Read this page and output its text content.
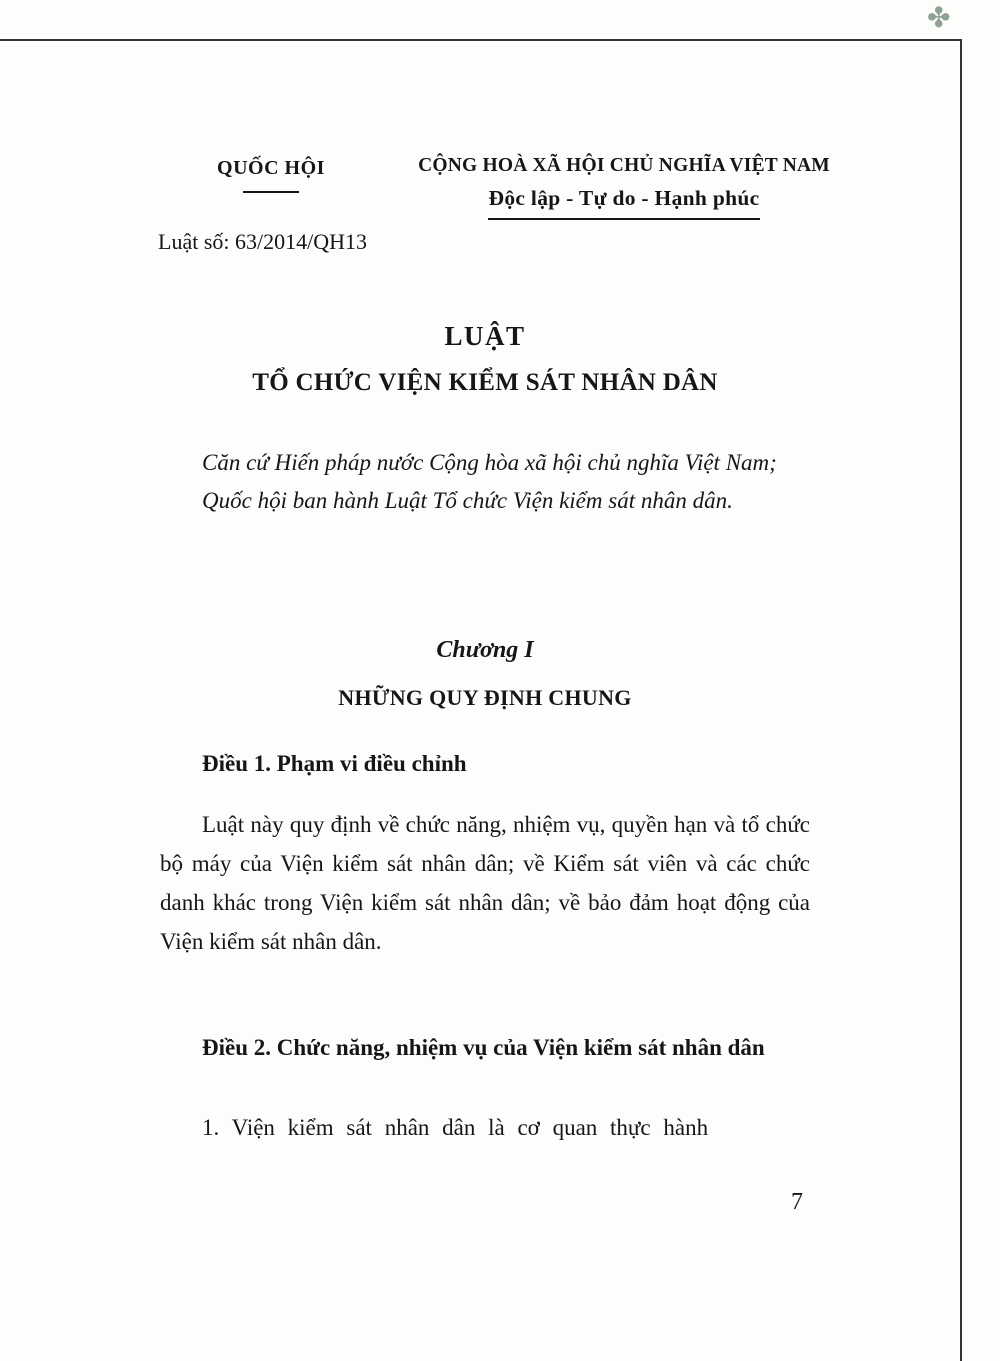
✤
QUỐC HỘI
Luật số: 63/2014/QH13
CỘNG HOÀ XÃ HỘI CHỦ NGHĨA VIỆT NAM
Độc lập - Tự do - Hạnh phúc
LUẬT
TỔ CHỨC VIỆN KIỂM SÁT NHÂN DÂN

Căn cứ Hiến pháp nước Cộng hòa xã hội chủ nghĩa Việt Nam;

Quốc hội ban hành Luật Tổ chức Viện kiểm sát nhân dân.

Chương I
NHỮNG QUY ĐỊNH CHUNG

Điều 1. Phạm vi điều chỉnh

Luật này quy định về chức năng, nhiệm vụ, quyền hạn và tổ chức bộ máy của Viện kiểm sát nhân dân; về Kiểm sát viên và các chức danh khác trong Viện kiểm sát nhân dân; về bảo đảm hoạt động của Viện kiểm sát nhân dân.

Điều 2. Chức năng, nhiệm vụ của Viện kiểm sát nhân dân

1. Viện kiểm sát nhân dân là cơ quan thực hành

7
